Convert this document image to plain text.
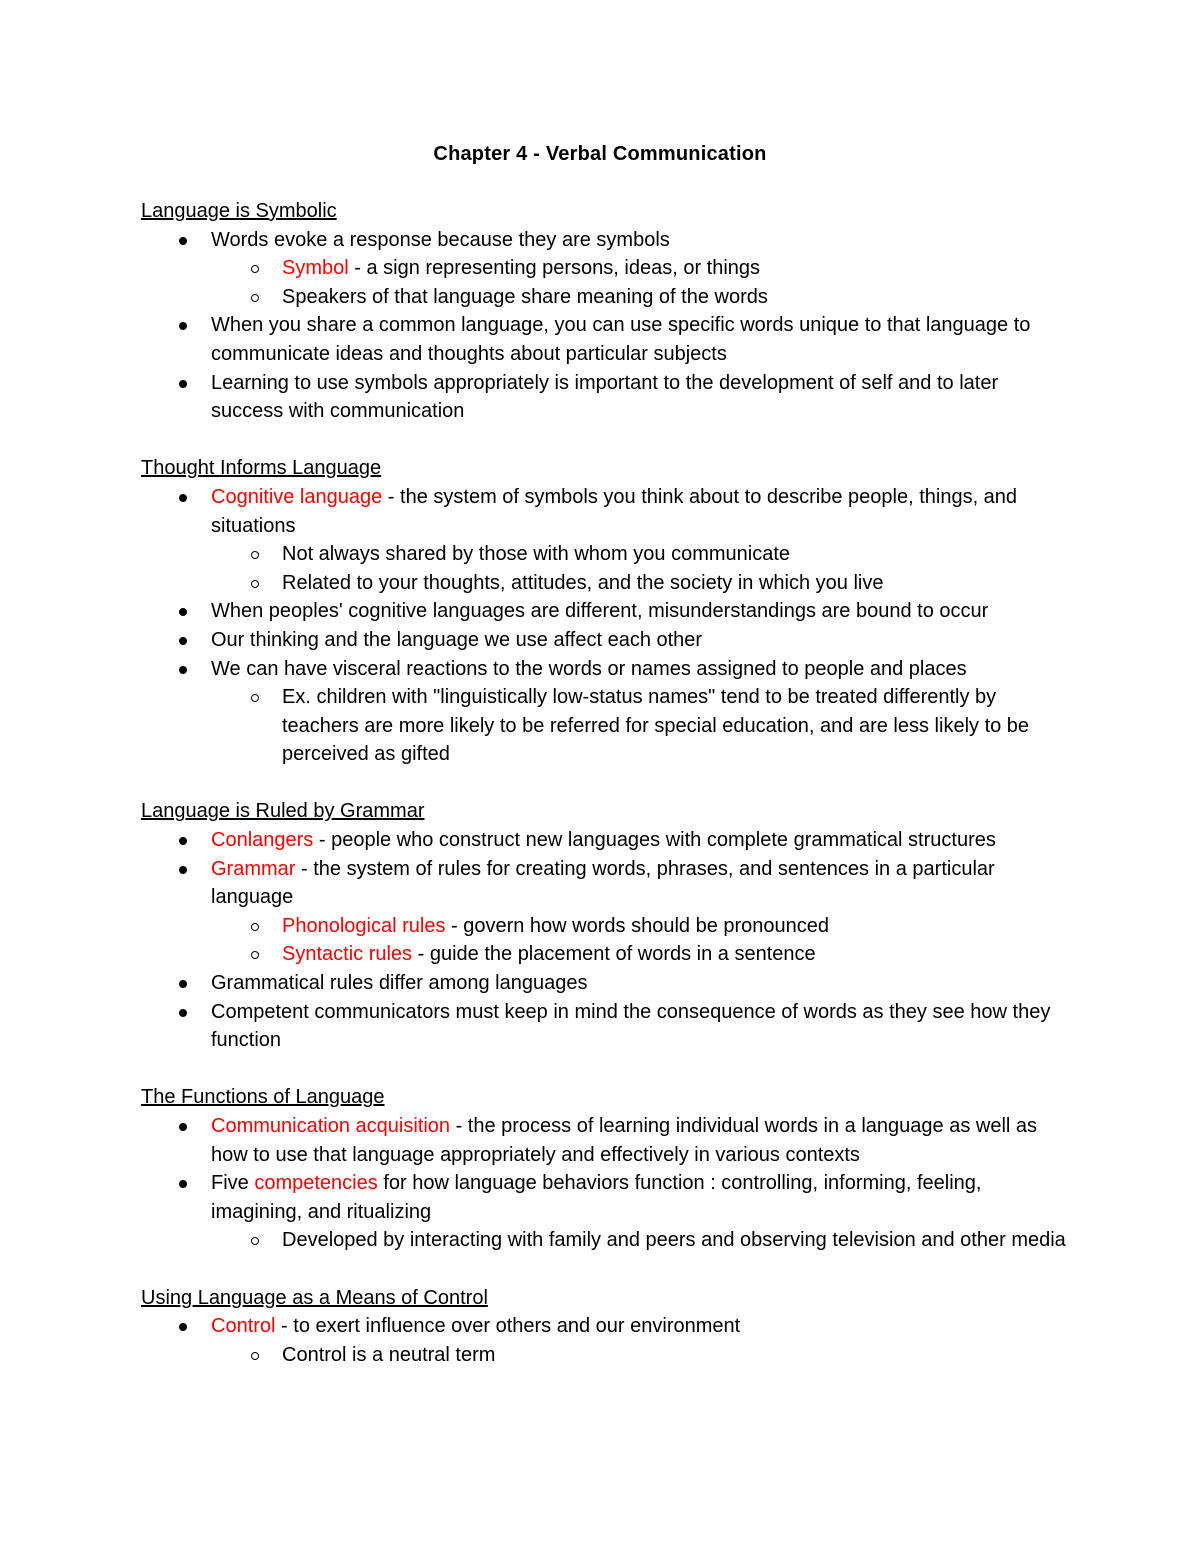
Chapter 4 - Verbal Communication
Language is Symbolic
Words evoke a response because they are symbols
Symbol - a sign representing persons, ideas, or things
Speakers of that language share meaning of the words
When you share a common language, you can use specific words unique to that language to communicate ideas and thoughts about particular subjects
Learning to use symbols appropriately is important to the development of self and to later success with communication
Thought Informs Language
Cognitive language - the system of symbols you think about to describe people, things, and situations
Not always shared by those with whom you communicate
Related to your thoughts, attitudes, and the society in which you live
When peoples' cognitive languages are different, misunderstandings are bound to occur
Our thinking and the language we use affect each other
We can have visceral reactions to the words or names assigned to people and places
Ex. children with "linguistically low-status names" tend to be treated differently by teachers are more likely to be referred for special education, and are less likely to be perceived as gifted
Language is Ruled by Grammar
Conlangers - people who construct new languages with complete grammatical structures
Grammar - the system of rules for creating words, phrases, and sentences in a particular language
Phonological rules - govern how words should be pronounced
Syntactic rules - guide the placement of words in a sentence
Grammatical rules differ among languages
Competent communicators must keep in mind the consequence of words as they see how they function
The Functions of Language
Communication acquisition - the process of learning individual words in a language as well as how to use that language appropriately and effectively in various contexts
Five competencies for how language behaviors function : controlling, informing, feeling, imagining, and ritualizing
Developed by interacting with family and peers and observing television and other media
Using Language as a Means of Control
Control - to exert influence over others and our environment
Control is a neutral term
